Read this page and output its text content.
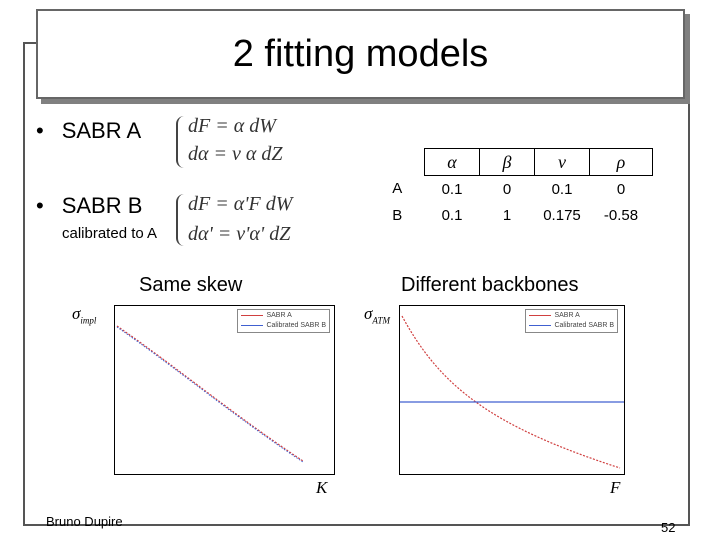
2 fitting models
• SABR A
• SABR B
calibrated to A
dF = α dW
dα = ν α dZ
dF = α'F dW
dα' = ν'α' dZ
	α	β	ν	ρ
A	0.1	0	0.1	0
B	0.1	1	0.175	-0.58
Same skew	Different backbones
$\sigma_{impl}$	SABR A
Calibrated SABR B
K
$\sigma_{ATM}$	SABR A
Calibrated SABR B
F
Bruno Dupire	52
